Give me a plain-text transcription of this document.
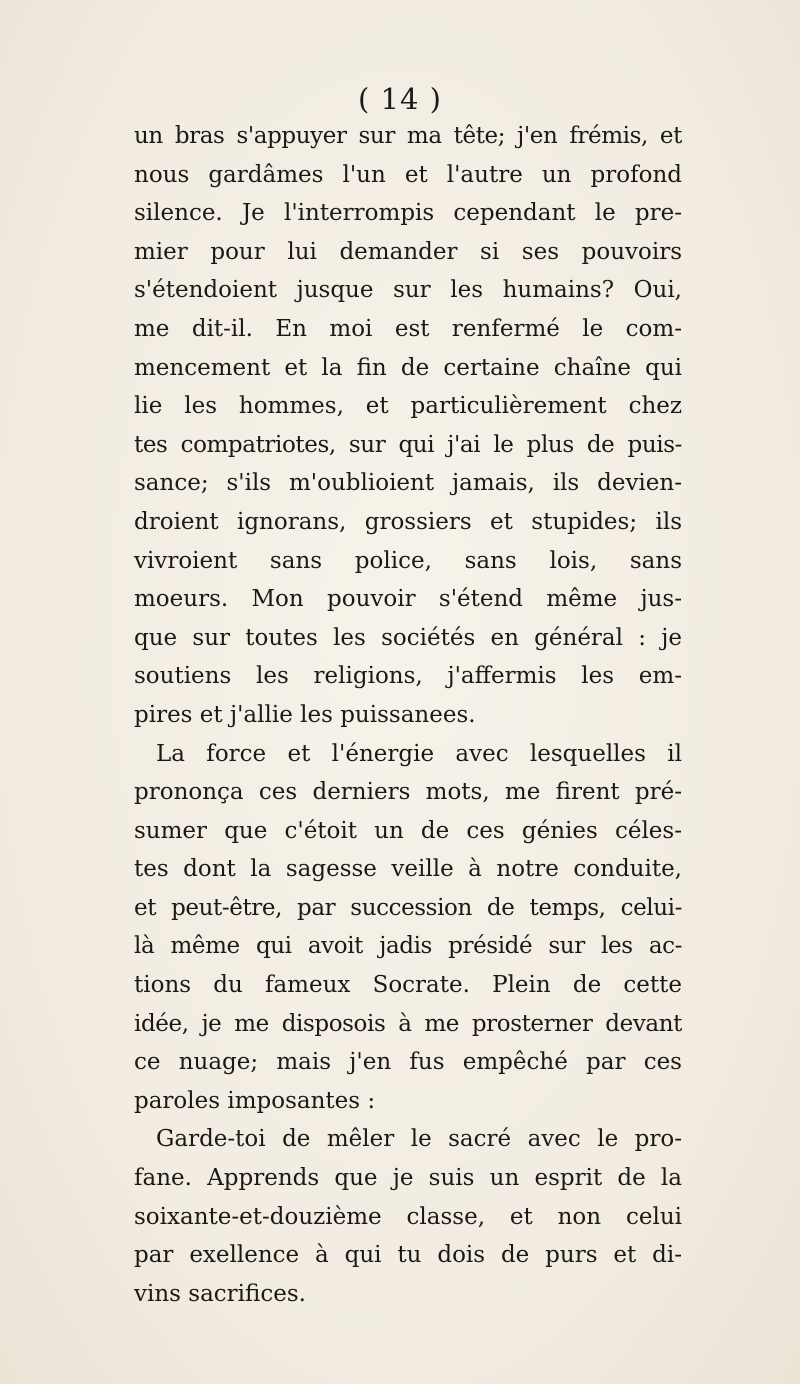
( 14 )
un bras s'appuyer sur ma tête; j'en frémis, et
nous gardâmes l'un et l'autre un profond
silence. Je l'interrompis cependant le pre-
mier pour lui demander si ses pouvoirs
s'étendoient jusque sur les humains? Oui,
me dit-il. En moi est renfermé le com-
mencement et la fin de certaine chaîne qui
lie les hommes, et particulièrement chez
tes compatriotes, sur qui j'ai le plus de puis-
sance; s'ils m'oublioient jamais, ils devien-
droient ignorans, grossiers et stupides; ils
vivroient sans police, sans lois, sans
moeurs. Mon pouvoir s'étend même jus-
que sur toutes les sociétés en général : je
soutiens les religions, j'affermis les em-
pires et j'allie les puissanees.
La force et l'énergie avec lesquelles il
prononça ces derniers mots, me firent pré-
sumer que c'étoit un de ces génies céles-
tes dont la sagesse veille à notre conduite,
et peut-être, par succession de temps, celui-
là même qui avoit jadis présidé sur les ac-
tions du fameux Socrate. Plein de cette
idée, je me disposois à me prosterner devant
ce nuage; mais j'en fus empêché par ces
paroles imposantes :
Garde-toi de mêler le sacré avec le pro-
fane. Apprends que je suis un esprit de la
soixante-et-douzième classe, et non celui
par exellence à qui tu dois de purs et di-
vins sacrifices.
